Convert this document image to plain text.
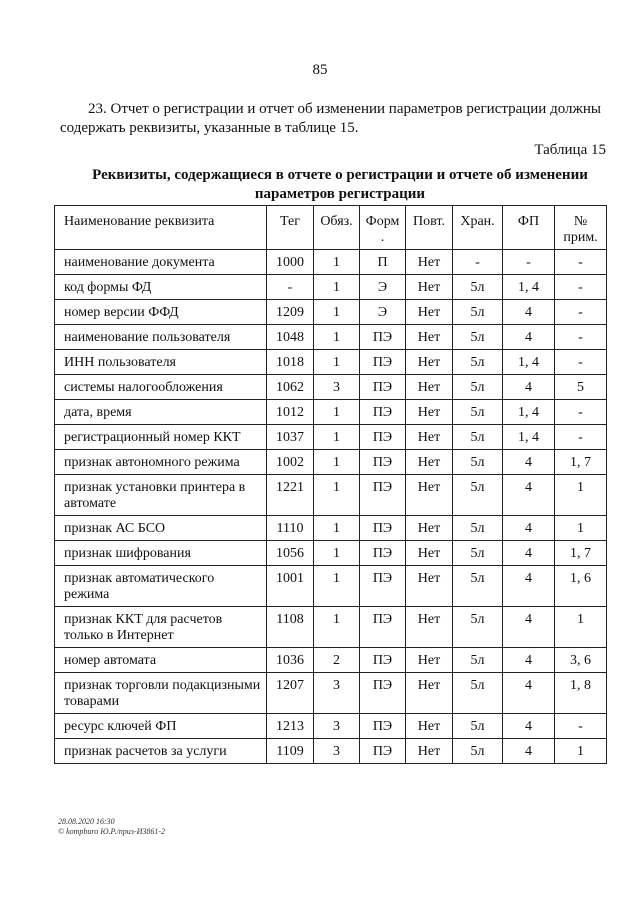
85
23. Отчет о регистрации и отчет об изменении параметров регистрации должны содержать реквизиты, указанные в таблице 15.
Таблица 15
Реквизиты, содержащиеся в отчете о регистрации и отчете об изменении параметров регистрации
Наименование реквизита	Тег	Обяз.	Форм .	Повт.	Хран.	ФП	№ прим.
наименование документа	1000	1	П	Нет	-	-	-
код формы ФД	-	1	Э	Нет	5л	1, 4	-
номер версии ФФД	1209	1	Э	Нет	5л	4	-
наименование пользователя	1048	1	ПЭ	Нет	5л	4	-
ИНН пользователя	1018	1	ПЭ	Нет	5л	1, 4	-
системы налогообложения	1062	3	ПЭ	Нет	5л	4	5
дата, время	1012	1	ПЭ	Нет	5л	1, 4	-
регистрационный номер ККТ	1037	1	ПЭ	Нет	5л	1, 4	-
признак автономного режима	1002	1	ПЭ	Нет	5л	4	1, 7
признак установки принтера в автомате	1221	1	ПЭ	Нет	5л	4	1
признак АС БСО	1110	1	ПЭ	Нет	5л	4	1
признак шифрования	1056	1	ПЭ	Нет	5л	4	1, 7
признак автоматического режима	1001	1	ПЭ	Нет	5л	4	1, 6
признак ККТ для расчетов только в Интернет	1108	1	ПЭ	Нет	5л	4	1
номер автомата	1036	2	ПЭ	Нет	5л	4	3, 6
признак торговли подакцизными товарами	1207	3	ПЭ	Нет	5л	4	1, 8
ресурс ключей ФП	1213	3	ПЭ	Нет	5л	4	-
признак расчетов за услуги	1109	3	ПЭ	Нет	5л	4	1
28.08.2020 16:30
© kompburo Ю.Р./приз-И3861-2
